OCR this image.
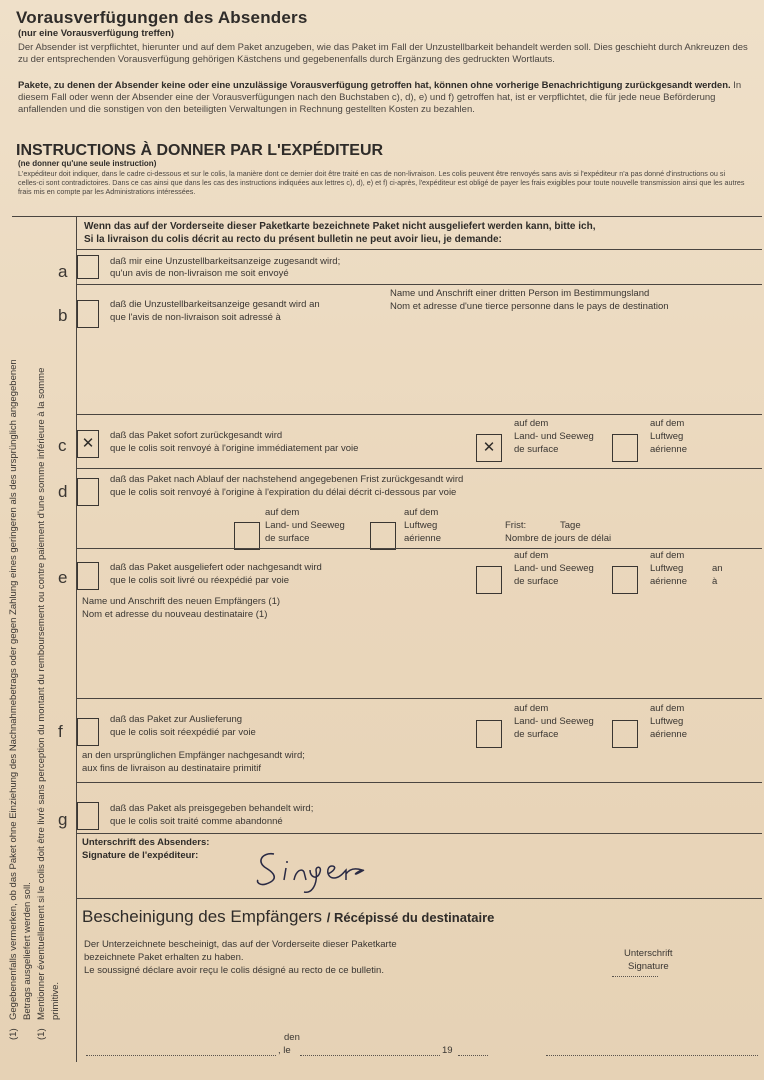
Vorausverfügungen des Absenders
(nur eine Vorausverfügung treffen)
Der Absender ist verpflichtet, hierunter und auf dem Paket anzugeben, wie das Paket im Fall der Unzustellbarkeit behandelt werden soll. Dies geschieht durch Ankreuzen des zu der entsprechenden Vorausverfügung gehörigen Kästchens und gegebenenfalls durch Ergänzung des gedruckten Wortlauts.
Pakete, zu denen der Absender keine oder eine unzulässige Vorausverfügung getroffen hat, können ohne vorherige Benachrichtigung zurückgesandt werden. In diesem Fall oder wenn der Absender eine der Vorausverfügungen nach den Buchstaben c), d), e) und f) getroffen hat, ist er verpflichtet, die für jede neue Beförderung anfallenden und die sonstigen von den beteiligten Verwaltungen in Rechnung gestellten Kosten zu bezahlen.
INSTRUCTIONS À DONNER PAR L'EXPÉDITEUR
(ne donner qu'une seule instruction)
L'expéditeur doit indiquer, dans le cadre ci-dessous et sur le colis, la manière dont ce dernier doit être traité en cas de non-livraison. Les colis peuvent être renvoyés sans avis si l'expéditeur n'a pas donné d'instructions ou si celles-ci sont contradictoires. Dans ce cas ainsi que dans les cas des instructions indiquées aux lettres c), d), e) et f) ci-après, l'expéditeur est obligé de payer les frais exigibles pour toute nouvelle transmission ainsi que les autres frais mis en compte par les Administrations intéressées.
Wenn das auf der Vorderseite dieser Paketkarte bezeichnete Paket nicht ausgeliefert werden kann, bitte ich,
Si la livraison du colis décrit au recto du présent bulletin ne peut avoir lieu, je demande:
(1)
Gegebenenfalls vermerken, ob das Paket ohne Einziehung des Nachnahmebetrags oder gegen Zahlung eines geringeren als des ursprünglich angegebenen Betrags ausgeliefert werden soll.
(1)
Mentionner éventuellement si le colis doit être livré sans perception du montant du remboursement ou contre paiement d'une somme inférieure à la somme primitive.
a
daß mir eine Unzustellbarkeitsanzeige zugesandt wird;
qu'un avis de non-livraison me soit envoyé
b
daß die Unzustellbarkeitsanzeige gesandt wird an
que l'avis de non-livraison soit adressé à
Name und Anschrift einer dritten Person im Bestimmungsland
Nom et adresse d'une tierce personne dans le pays de destination
c ✕ daß das Paket sofort zurückgesandt wird
que le colis soit renvoyé à l'origine immédiatement par voie	✕
auf dem
Land- und Seeweg
de surface
auf dem
Luftweg
aérienne
d
daß das Paket nach Ablauf der nachstehend angegebenen Frist zurückgesandt wird
que le colis soit renvoyé à l'origine à l'expiration du délai décrit ci-dessous par voie
auf dem
Land- und Seeweg
de surface
auf dem
Luftweg
aérienne
Frist:	Tage
Nombre de jours de délai
e
daß das Paket ausgeliefert oder nachgesandt wird
que le colis soit livré ou réexpédié par voie
auf dem
Land- und Seeweg
de surface
auf dem
Luftweg
aérienne
an
à
Name und Anschrift des neuen Empfängers (1)
Nom et adresse du nouveau destinataire (1)
f
daß das Paket zur Auslieferung
que le colis soit réexpédié par voie
auf dem
Land- und Seeweg
de surface
auf dem
Luftweg
aérienne
an den ursprünglichen Empfänger nachgesandt wird;
aux fins de livraison au destinataire primitif
g
daß das Paket als preisgegeben behandelt wird;
que le colis soit traité comme abandonné
Unterschrift des Absenders:
Signature de l'expéditeur:
Bescheinigung des Empfängers / Récépissé du destinataire
Der Unterzeichnete bescheinigt, das auf der Vorderseite dieser Paketkarte
bezeichnete Paket erhalten zu haben.
Le soussigné déclare avoir reçu le colis désigné au recto de ce bulletin.
Unterschrift
Signature
den
, le	19
